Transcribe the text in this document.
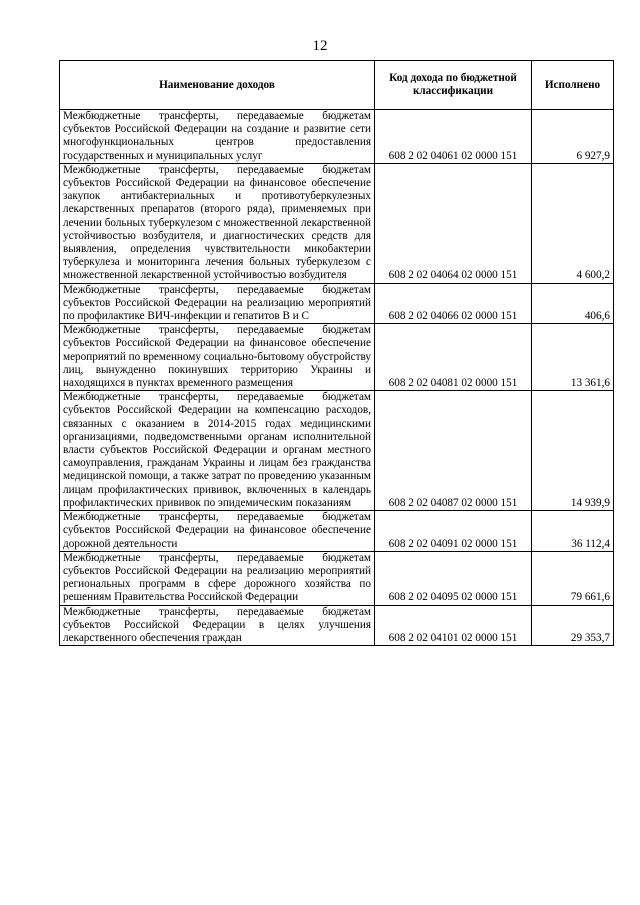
12
Наименование доходов	Код дохода по бюджетной классификации	Исполнено
Межбюджетные трансферты, передаваемые бюджетам субъектов Российской Федерации на создание и развитие сети многофункциональных центров предоставления государственных и муниципальных услуг	608 2 02 04061 02 0000 151	6 927,9
Межбюджетные трансферты, передаваемые бюджетам субъектов Российской Федерации на финансовое обеспечение закупок антибактериальных и противотуберкулезных лекарственных препаратов (второго ряда), применяемых при лечении больных туберкулезом с множественной лекарственной устойчивостью возбудителя, и диагностических средств для выявления, определения чувствительности микобактерии туберкулеза и мониторинга лечения больных туберкулезом с множественной лекарственной устойчивостью возбудителя	608 2 02 04064 02 0000 151	4 600,2
Межбюджетные трансферты, передаваемые бюджетам субъектов Российской Федерации на реализацию мероприятий по профилактике ВИЧ-инфекции и гепатитов B и C	608 2 02 04066 02 0000 151	406,6
Межбюджетные трансферты, передаваемые бюджетам субъектов Российской Федерации на финансовое обеспечение мероприятий по временному социально-бытовому обустройству лиц, вынужденно покинувших территорию Украины и находящихся в пунктах временного размещения	608 2 02 04081 02 0000 151	13 361,6
Межбюджетные трансферты, передаваемые бюджетам субъектов Российской Федерации на компенсацию расходов, связанных с оказанием в 2014-2015 годах медицинскими организациями, подведомственными органам исполнительной власти субъектов Российской Федерации и органам местного самоуправления, гражданам Украины и лицам без гражданства медицинской помощи, а также затрат по проведению указанным лицам профилактических прививок, включенных в календарь профилактических прививок по эпидемическим показаниям	608 2 02 04087 02 0000 151	14 939,9
Межбюджетные трансферты, передаваемые бюджетам субъектов Российской Федерации на финансовое обеспечение дорожной деятельности	608 2 02 04091 02 0000 151	36 112,4
Межбюджетные трансферты, передаваемые бюджетам субъектов Российской Федерации на реализацию мероприятий региональных программ в сфере дорожного хозяйства по решениям Правительства Российской Федерации	608 2 02 04095 02 0000 151	79 661,6
Межбюджетные трансферты, передаваемые бюджетам субъектов Российской Федерации в целях улучшения лекарственного обеспечения граждан	608 2 02 04101 02 0000 151	29 353,7
